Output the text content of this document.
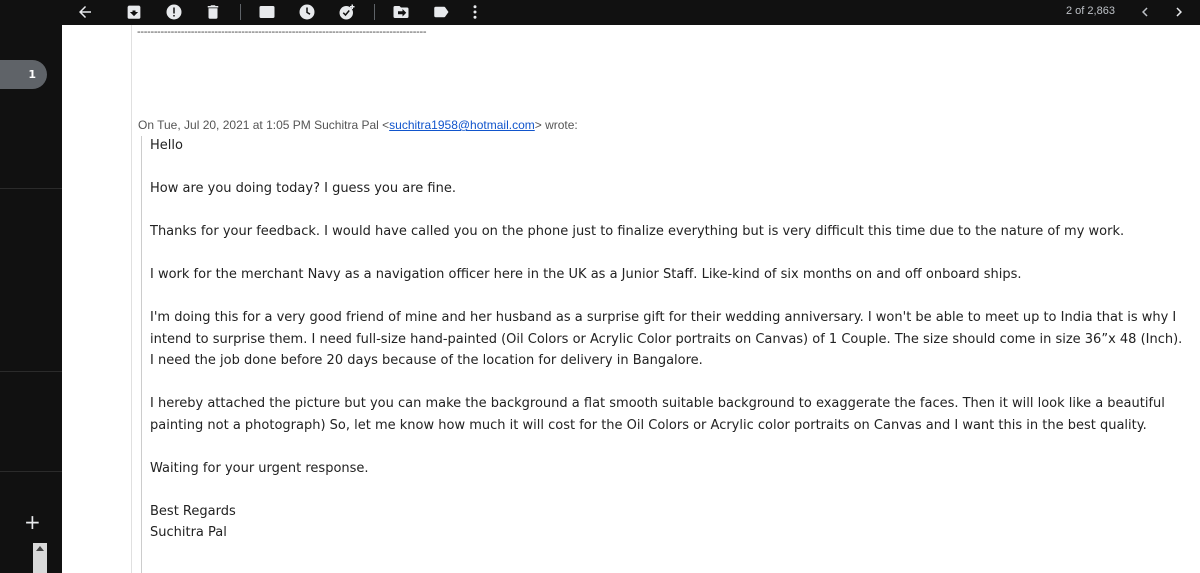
1
+
2 of 2,863
--------------------------------------------------------------------------------------
On Tue, Jul 20, 2021 at 1:05 PM Suchitra Pal <suchitra1958@hotmail.com> wrote:

Hello

How are you doing today? I guess you are fine.

Thanks for your feedback. I would have called you on the phone just to finalize everything but is very difficult this time due to the nature of my work.

I work for the merchant Navy as a navigation officer here in the UK as a Junior Staff. Like-kind of six months on and off onboard ships.

I'm doing this for a very good friend of mine and her husband as a surprise gift for their wedding anniversary. I won't be able to meet up to India that is why I intend to surprise them. I need full-size hand-painted (Oil Colors or Acrylic Color portraits on Canvas) of 1 Couple. The size should come in size 36”x 48 (Inch). I need the job done before 20 days because of the location for delivery in Bangalore.

I hereby attached the picture but you can make the background a flat smooth suitable background to exaggerate the faces. Then it will look like a beautiful painting not a photograph) So, let me know how much it will cost for the Oil Colors or Acrylic color portraits on Canvas and I want this in the best quality.

Waiting for your urgent response.

Best Regards

Suchitra Pal
